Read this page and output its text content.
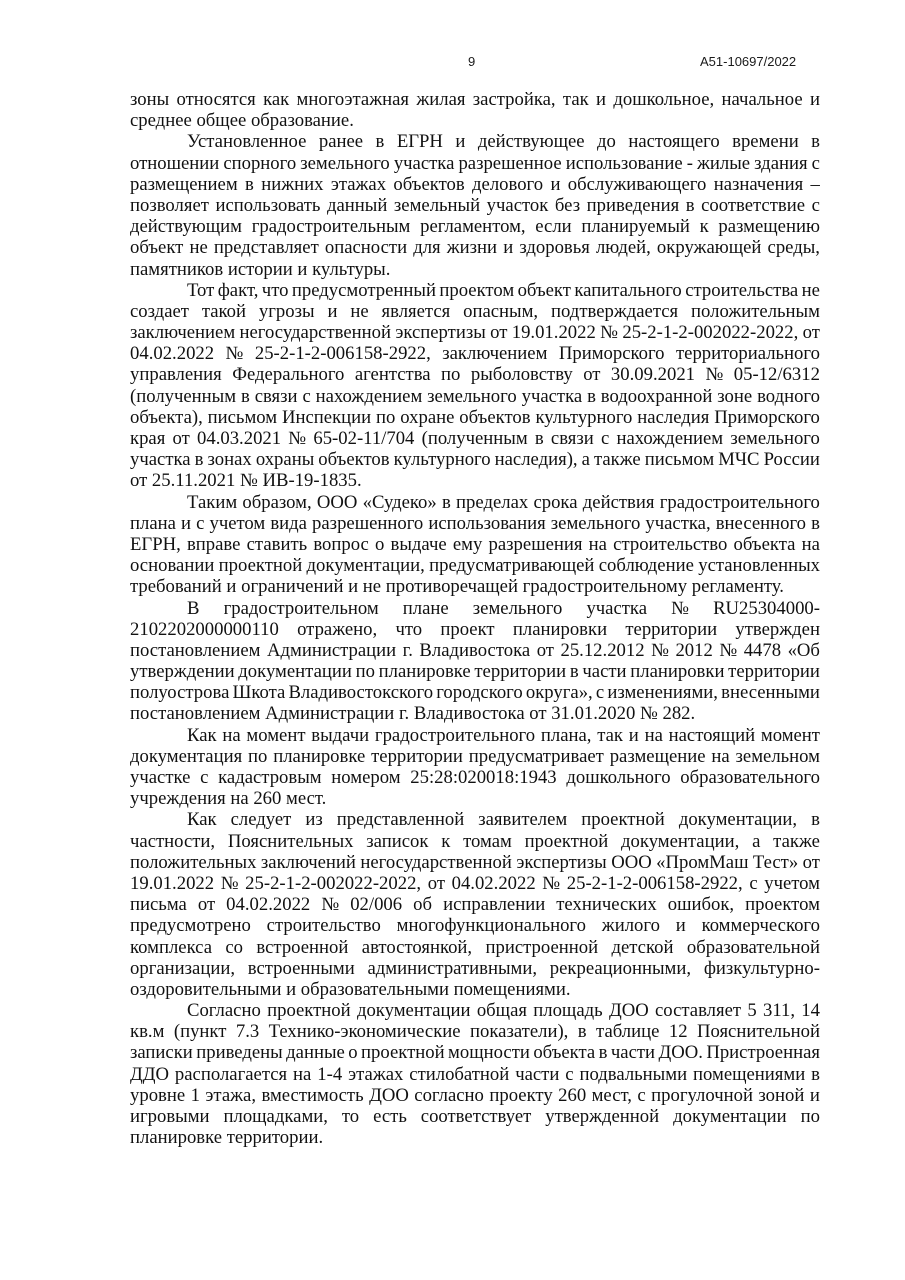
9	А51-10697/2022
зоны относятся как многоэтажная жилая застройка, так и дошкольное, начальное и
среднее общее образование.
Установленное ранее в ЕГРН и действующее до настоящего времени в
отношении спорного земельного участка разрешенное использование - жилые здания с
размещением в нижних этажах объектов делового и обслуживающего назначения –
позволяет использовать данный земельный участок без приведения в соответствие с
действующим градостроительным регламентом, если планируемый к размещению
объект не представляет опасности для жизни и здоровья людей, окружающей среды,
памятников истории и культуры.
Тот факт, что предусмотренный проектом объект капитального строительства не
создает такой угрозы и не является опасным, подтверждается положительным
заключением негосударственной экспертизы от 19.01.2022 № 25-2-1-2-002022-2022, от
04.02.2022 № 25-2-1-2-006158-2922, заключением Приморского территориального
управления Федерального агентства по рыболовству от 30.09.2021 № 05-12/6312
(полученным в связи с нахождением земельного участка в водоохранной зоне водного
объекта), письмом Инспекции по охране объектов культурного наследия Приморского
края от 04.03.2021 № 65-02-11/704 (полученным в связи с нахождением земельного
участка в зонах охраны объектов культурного наследия), а также письмом МЧС России
от 25.11.2021 № ИВ-19-1835.
Таким образом, ООО «Судеко» в пределах срока действия градостроительного
плана и с учетом вида разрешенного использования земельного участка, внесенного в
ЕГРН, вправе ставить вопрос о выдаче ему разрешения на строительство объекта на
основании проектной документации, предусматривающей соблюдение установленных
требований и ограничений и не противоречащей градостроительному регламенту.
В градостроительном плане земельного участка № RU25304000-
2102202000000110 отражено, что проект планировки территории утвержден
постановлением Администрации г. Владивостока от 25.12.2012 № 2012 № 4478 «Об
утверждении документации по планировке территории в части планировки территории
полуострова Шкота Владивостокского городского округа», с изменениями, внесенными
постановлением Администрации г. Владивостока от 31.01.2020 № 282.
Как на момент выдачи градостроительного плана, так и на настоящий момент
документация по планировке территории предусматривает размещение на земельном
участке с кадастровым номером 25:28:020018:1943 дошкольного образовательного
учреждения на 260 мест.
Как следует из представленной заявителем проектной документации, в
частности, Пояснительных записок к томам проектной документации, а также
положительных заключений негосударственной экспертизы ООО «ПромМаш Тест» от
19.01.2022 № 25-2-1-2-002022-2022, от 04.02.2022 № 25-2-1-2-006158-2922, с учетом
письма от 04.02.2022 № 02/006 об исправлении технических ошибок, проектом
предусмотрено строительство многофункционального жилого и коммерческого
комплекса со встроенной автостоянкой, пристроенной детской образовательной
организации, встроенными административными, рекреационными, физкультурно-
оздоровительными и образовательными помещениями.
Согласно проектной документации общая площадь ДОО составляет 5 311, 14
кв.м (пункт 7.3 Технико-экономические показатели), в таблице 12 Пояснительной
записки приведены данные о проектной мощности объекта в части ДОО. Пристроенная
ДДО располагается на 1-4 этажах стилобатной части с подвальными помещениями в
уровне 1 этажа, вместимость ДОО согласно проекту 260 мест, с прогулочной зоной и
игровыми площадками, то есть соответствует утвержденной документации по
планировке территории.
